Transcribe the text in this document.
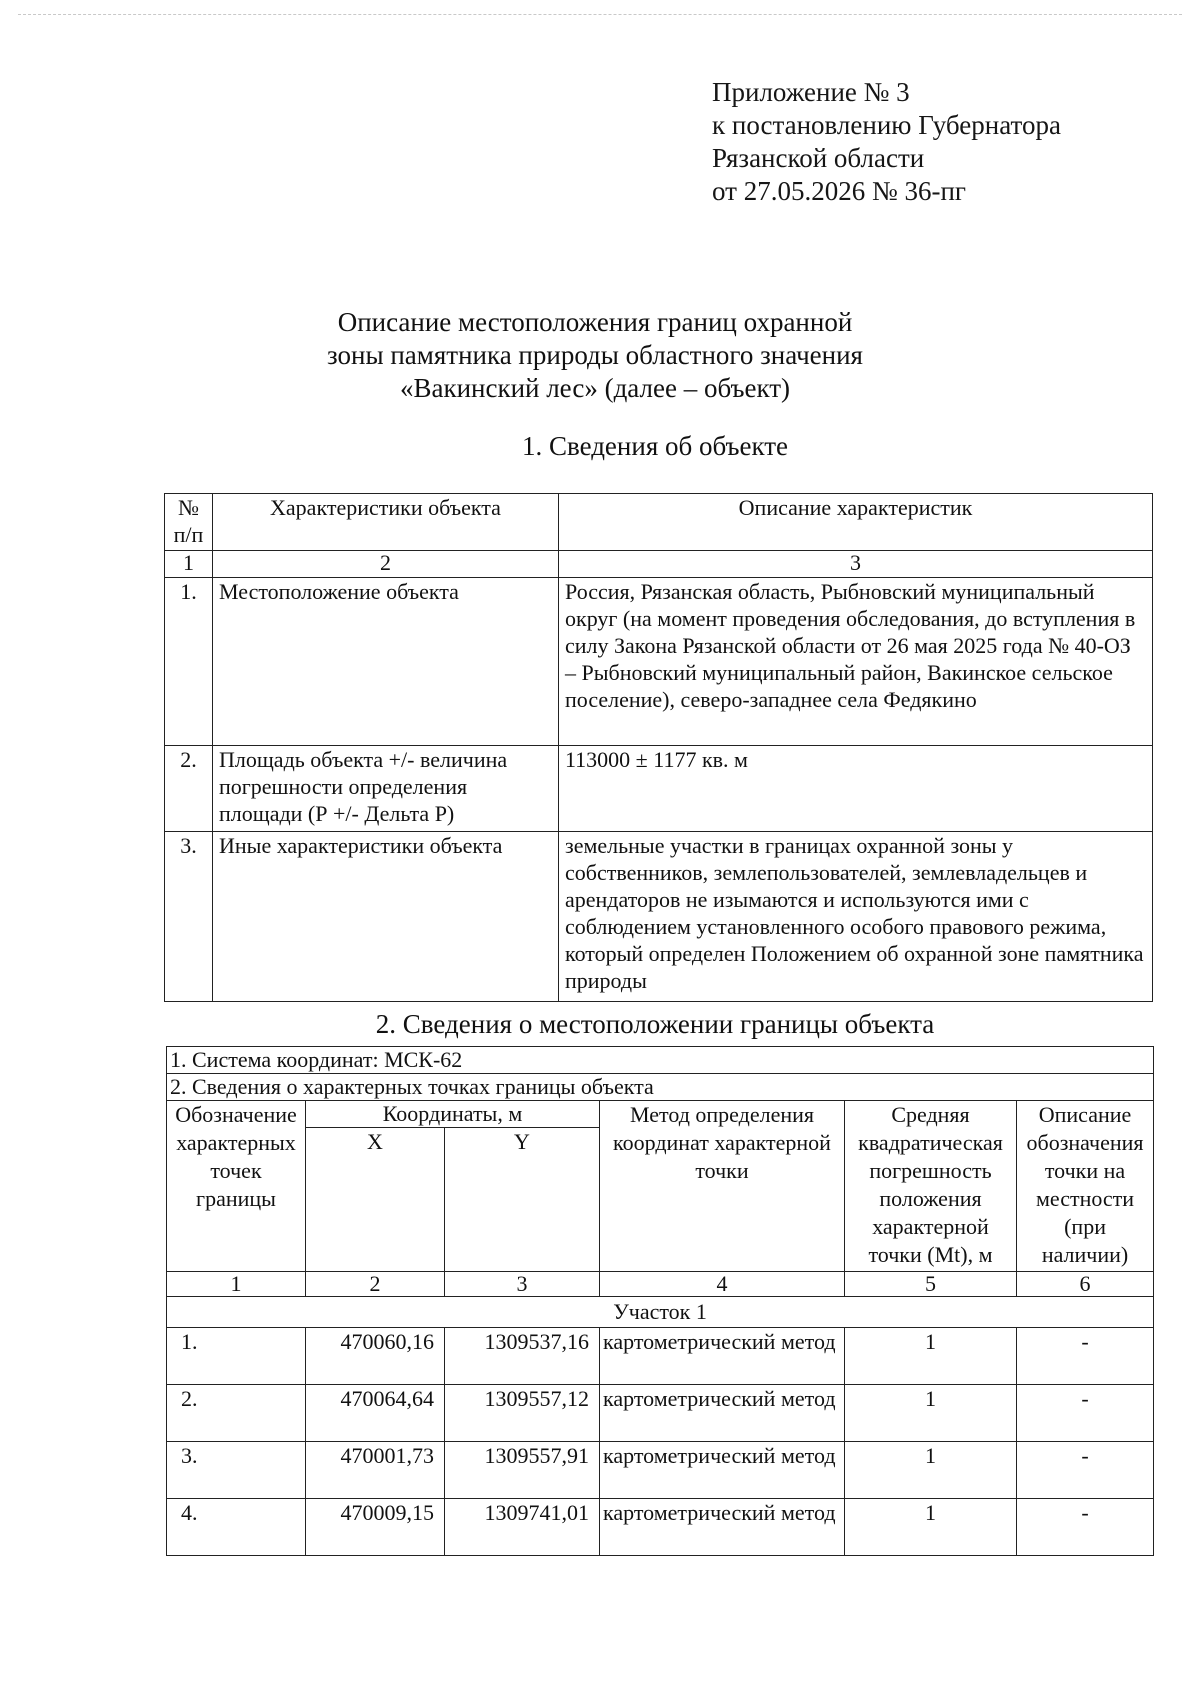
Приложение № 3
к постановлению Губернатора
Рязанской области
от 27.05.2026 № 36-пг
Описание местоположения границ охранной
зоны памятника природы областного значения
«Вакинский лес» (далее – объект)
1. Сведения об объекте
№ п/п	Характеристики объекта	Описание характеристик
1	2	3
1.	Местоположение объекта	Россия, Рязанская область, Рыбновский муниципальный округ (на момент проведения обследования, до вступления в силу Закона Рязанской области от 26 мая 2025 года № 40-ОЗ – Рыбновский муниципальный район, Вакинское сельское поселение), северо-западнее села Федякино
2.	Площадь объекта +/- величина погрешности определения площади (Р +/- Дельта Р)	113000 ± 1177 кв. м
3.	Иные характеристики объекта	земельные участки в границах охранной зоны у собственников, землепользователей, землевладельцев и арендаторов не изымаются и используются ими с соблюдением установленного особого правового режима, который определен Положением об охранной зоне памятника природы
2. Сведения о местоположении границы объекта
1. Система координат: МСК-62					
2. Сведения о характерных точках границы объекта					
Обозначение характерных точек границы	Координаты, м		Метод определения координат характерной точки	Средняя квадратическая погрешность положения характерной точки (Mt), м	Описание обозначения точки на местности (при наличии)
	X	Y			
1	2	3	4	5	6
Участок 1					
1.	470060,16	1309537,16	картометрический метод	1	-
2.	470064,64	1309557,12	картометрический метод	1	-
3.	470001,73	1309557,91	картометрический метод	1	-
4.	470009,15	1309741,01	картометрический метод	1	-
